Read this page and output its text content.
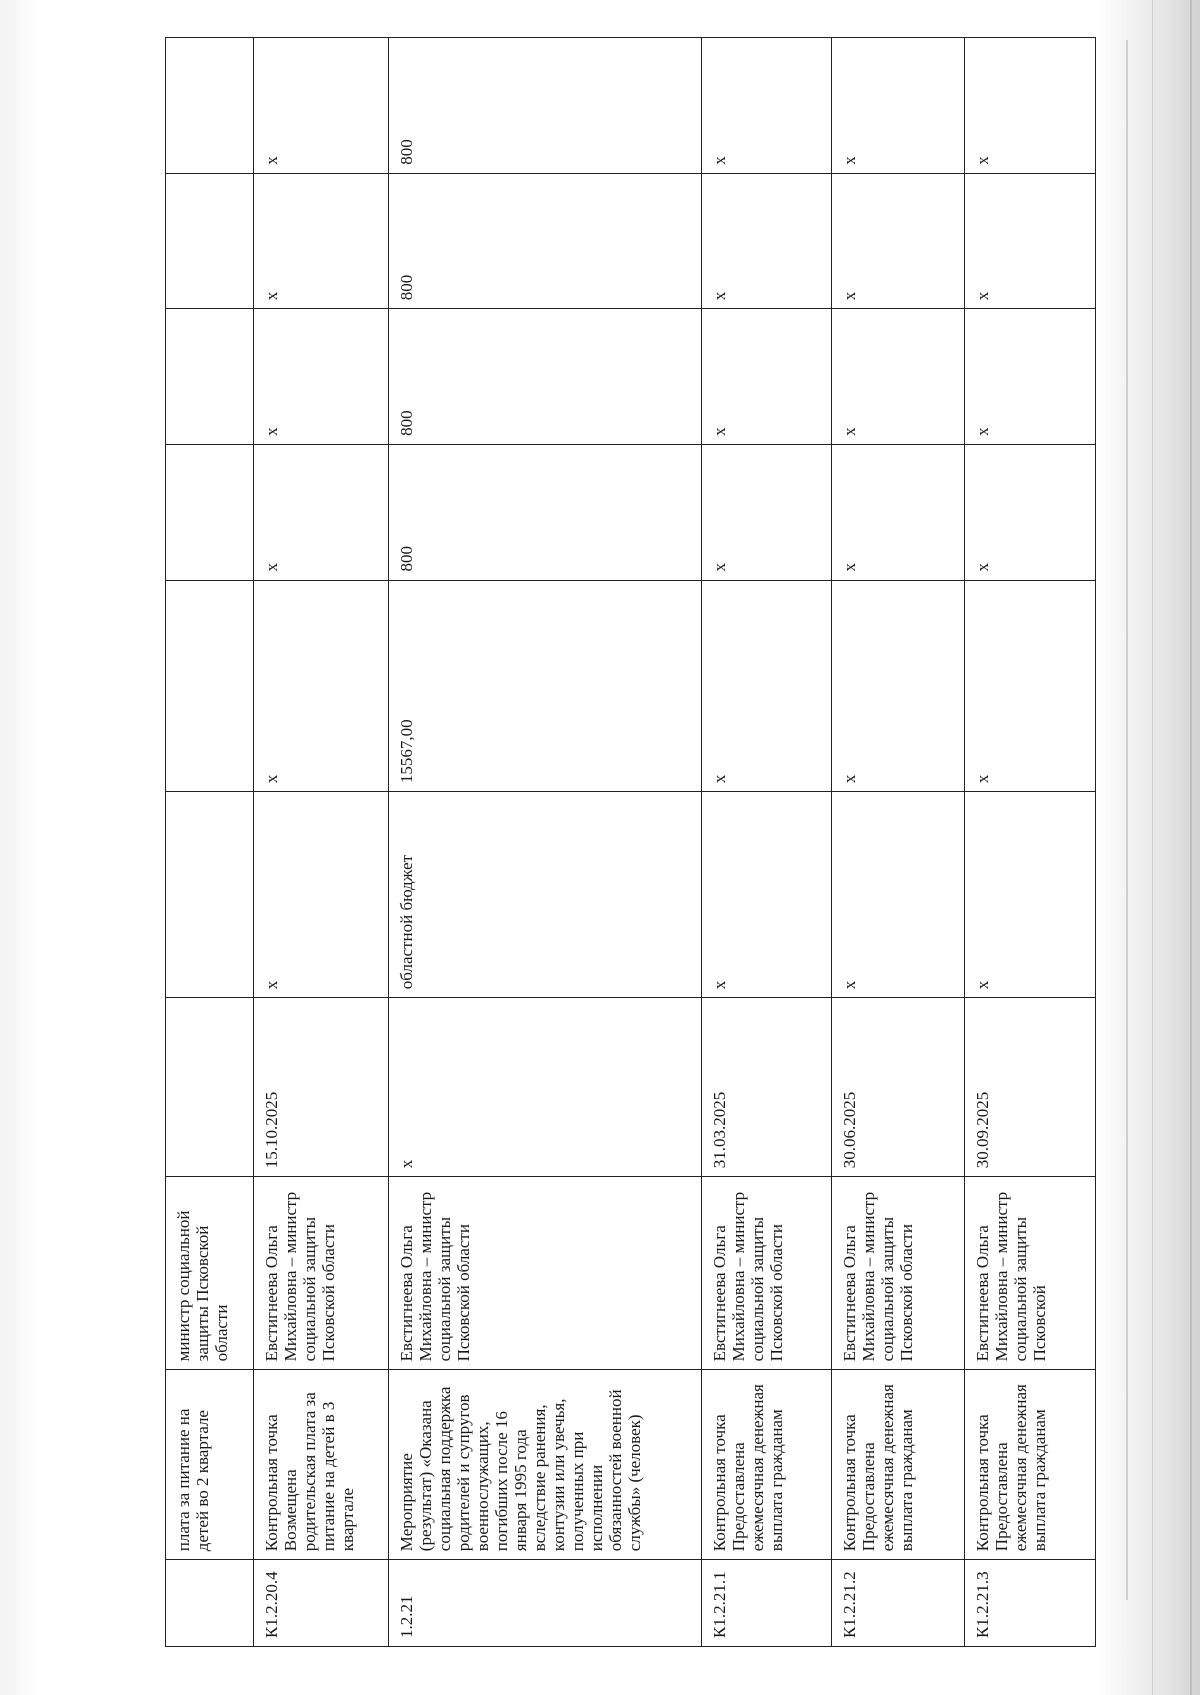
	плата за питание на детей во 2 квартале	министр социальной защиты Псковской области							
К1.2.20.4	Контрольная точка Возмещена родительская плата за питание на детей в 3 квартале	Евстигнеева Ольга Михайловна – министр социальной защиты Псковской области	15.10.2025	x	x	x	x	x	x
1.2.21	Мероприятие (результат) «Оказана социальная поддержка родителей и супругов военнослужащих, погибших после 16 января 1995 года вследствие ранения, контузии или увечья, полученных при исполнении обязанностей военной службы» (человек)	Евстигнеева Ольга Михайловна – министр социальной защиты Псковской области	x	областной бюджет	15567,00	800	800	800	800
К1.2.21.1	Контрольная точка Предоставлена ежемесячная денежная выплата гражданам	Евстигнеева Ольга Михайловна – министр социальной защиты Псковской области	31.03.2025	x	x	x	x	x	x
К1.2.21.2	Контрольная точка Предоставлена ежемесячная денежная выплата гражданам	Евстигнеева Ольга Михайловна – министр социальной защиты Псковской области	30.06.2025	x	x	x	x	x	x
К1.2.21.3	Контрольная точка Предоставлена ежемесячная денежная выплата гражданам	Евстигнеева Ольга Михайловна – министр социальной защиты Псковской	30.09.2025	x	x	x	x	x	x
